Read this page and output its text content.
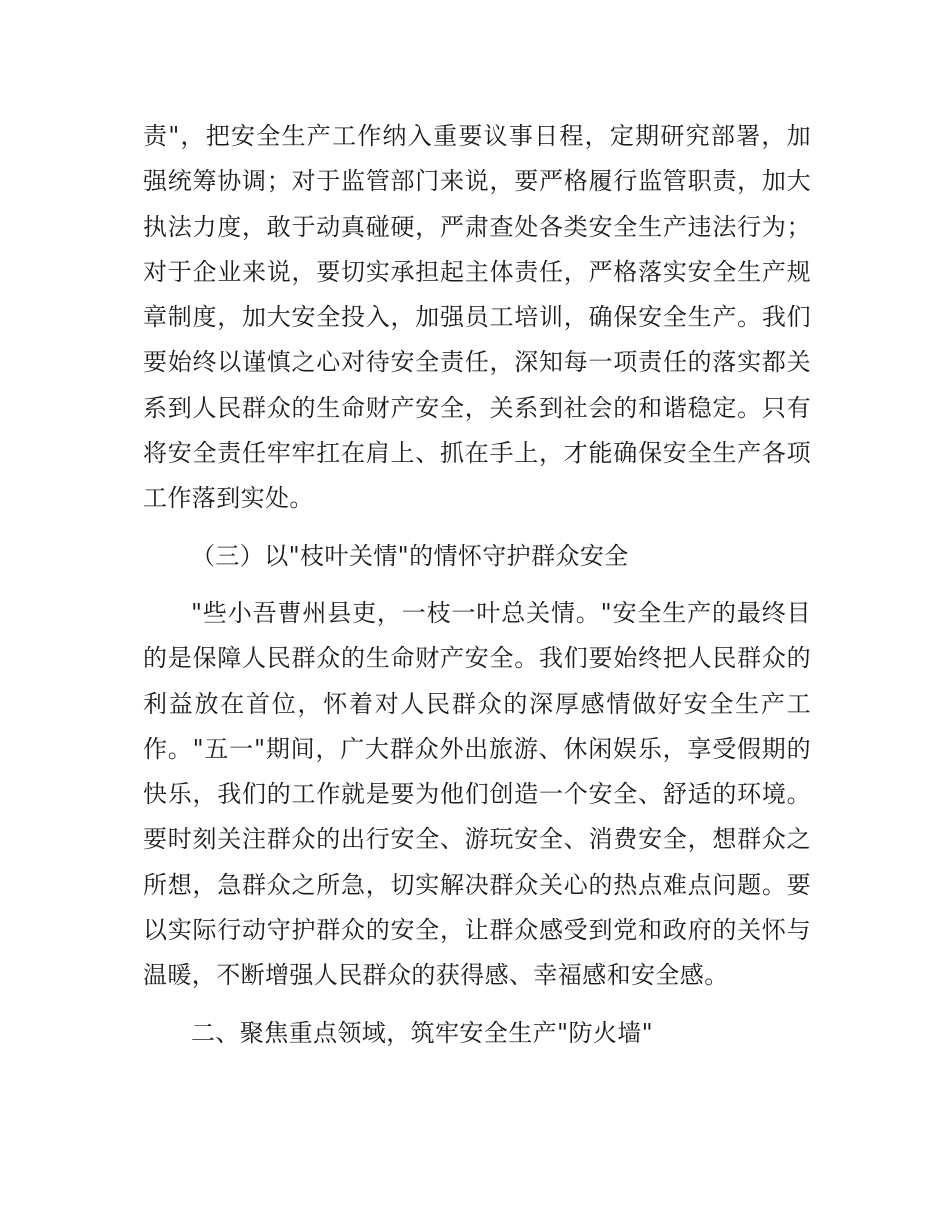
责"，把安全生产工作纳入重要议事日程，定期研究部署，加强统筹协调；对于监管部门来说，要严格履行监管职责，加大执法力度，敢于动真碰硬，严肃查处各类安全生产违法行为；对于企业来说，要切实承担起主体责任，严格落实安全生产规章制度，加大安全投入，加强员工培训，确保安全生产。我们要始终以谨慎之心对待安全责任，深知每一项责任的落实都关系到人民群众的生命财产安全，关系到社会的和谐稳定。只有将安全责任牢牢扛在肩上、抓在手上，才能确保安全生产各项工作落到实处。

（三）以"枝叶关情"的情怀守护群众安全

"些小吾曹州县吏，一枝一叶总关情。"安全生产的最终目的是保障人民群众的生命财产安全。我们要始终把人民群众的利益放在首位，怀着对人民群众的深厚感情做好安全生产工作。"五一"期间，广大群众外出旅游、休闲娱乐，享受假期的快乐，我们的工作就是要为他们创造一个安全、舒适的环境。要时刻关注群众的出行安全、游玩安全、消费安全，想群众之所想，急群众之所急，切实解决群众关心的热点难点问题。要以实际行动守护群众的安全，让群众感受到党和政府的关怀与温暖，不断增强人民群众的获得感、幸福感和安全感。

二、聚焦重点领域，筑牢安全生产"防火墙"
